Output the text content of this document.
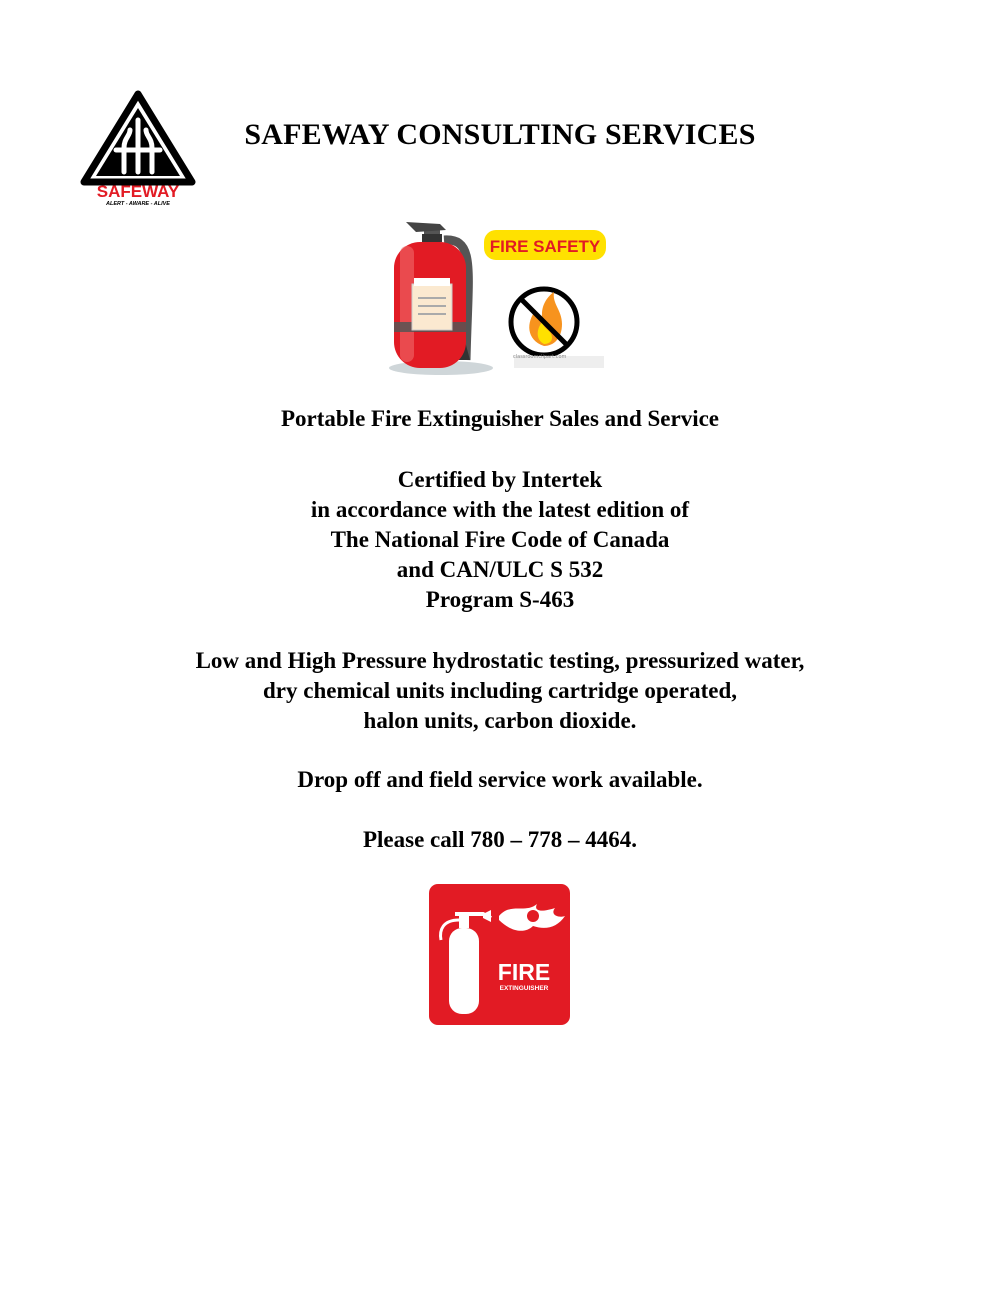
SAFEWAY
ALERT - AWARE - ALIVE
SAFEWAY CONSULTING SERVICES
FIRE SAFETY
classroomclipart.com
Portable Fire Extinguisher Sales and Service
Certified by Intertek
in accordance with the latest edition of
The National Fire Code of Canada
and CAN/ULC S 532
Program S-463
Low and High Pressure hydrostatic testing, pressurized water,
dry chemical units including cartridge operated,
halon units, carbon dioxide.
Drop off and field service work available.
Please call 780 – 778 – 4464.
FIRE
EXTINGUISHER
